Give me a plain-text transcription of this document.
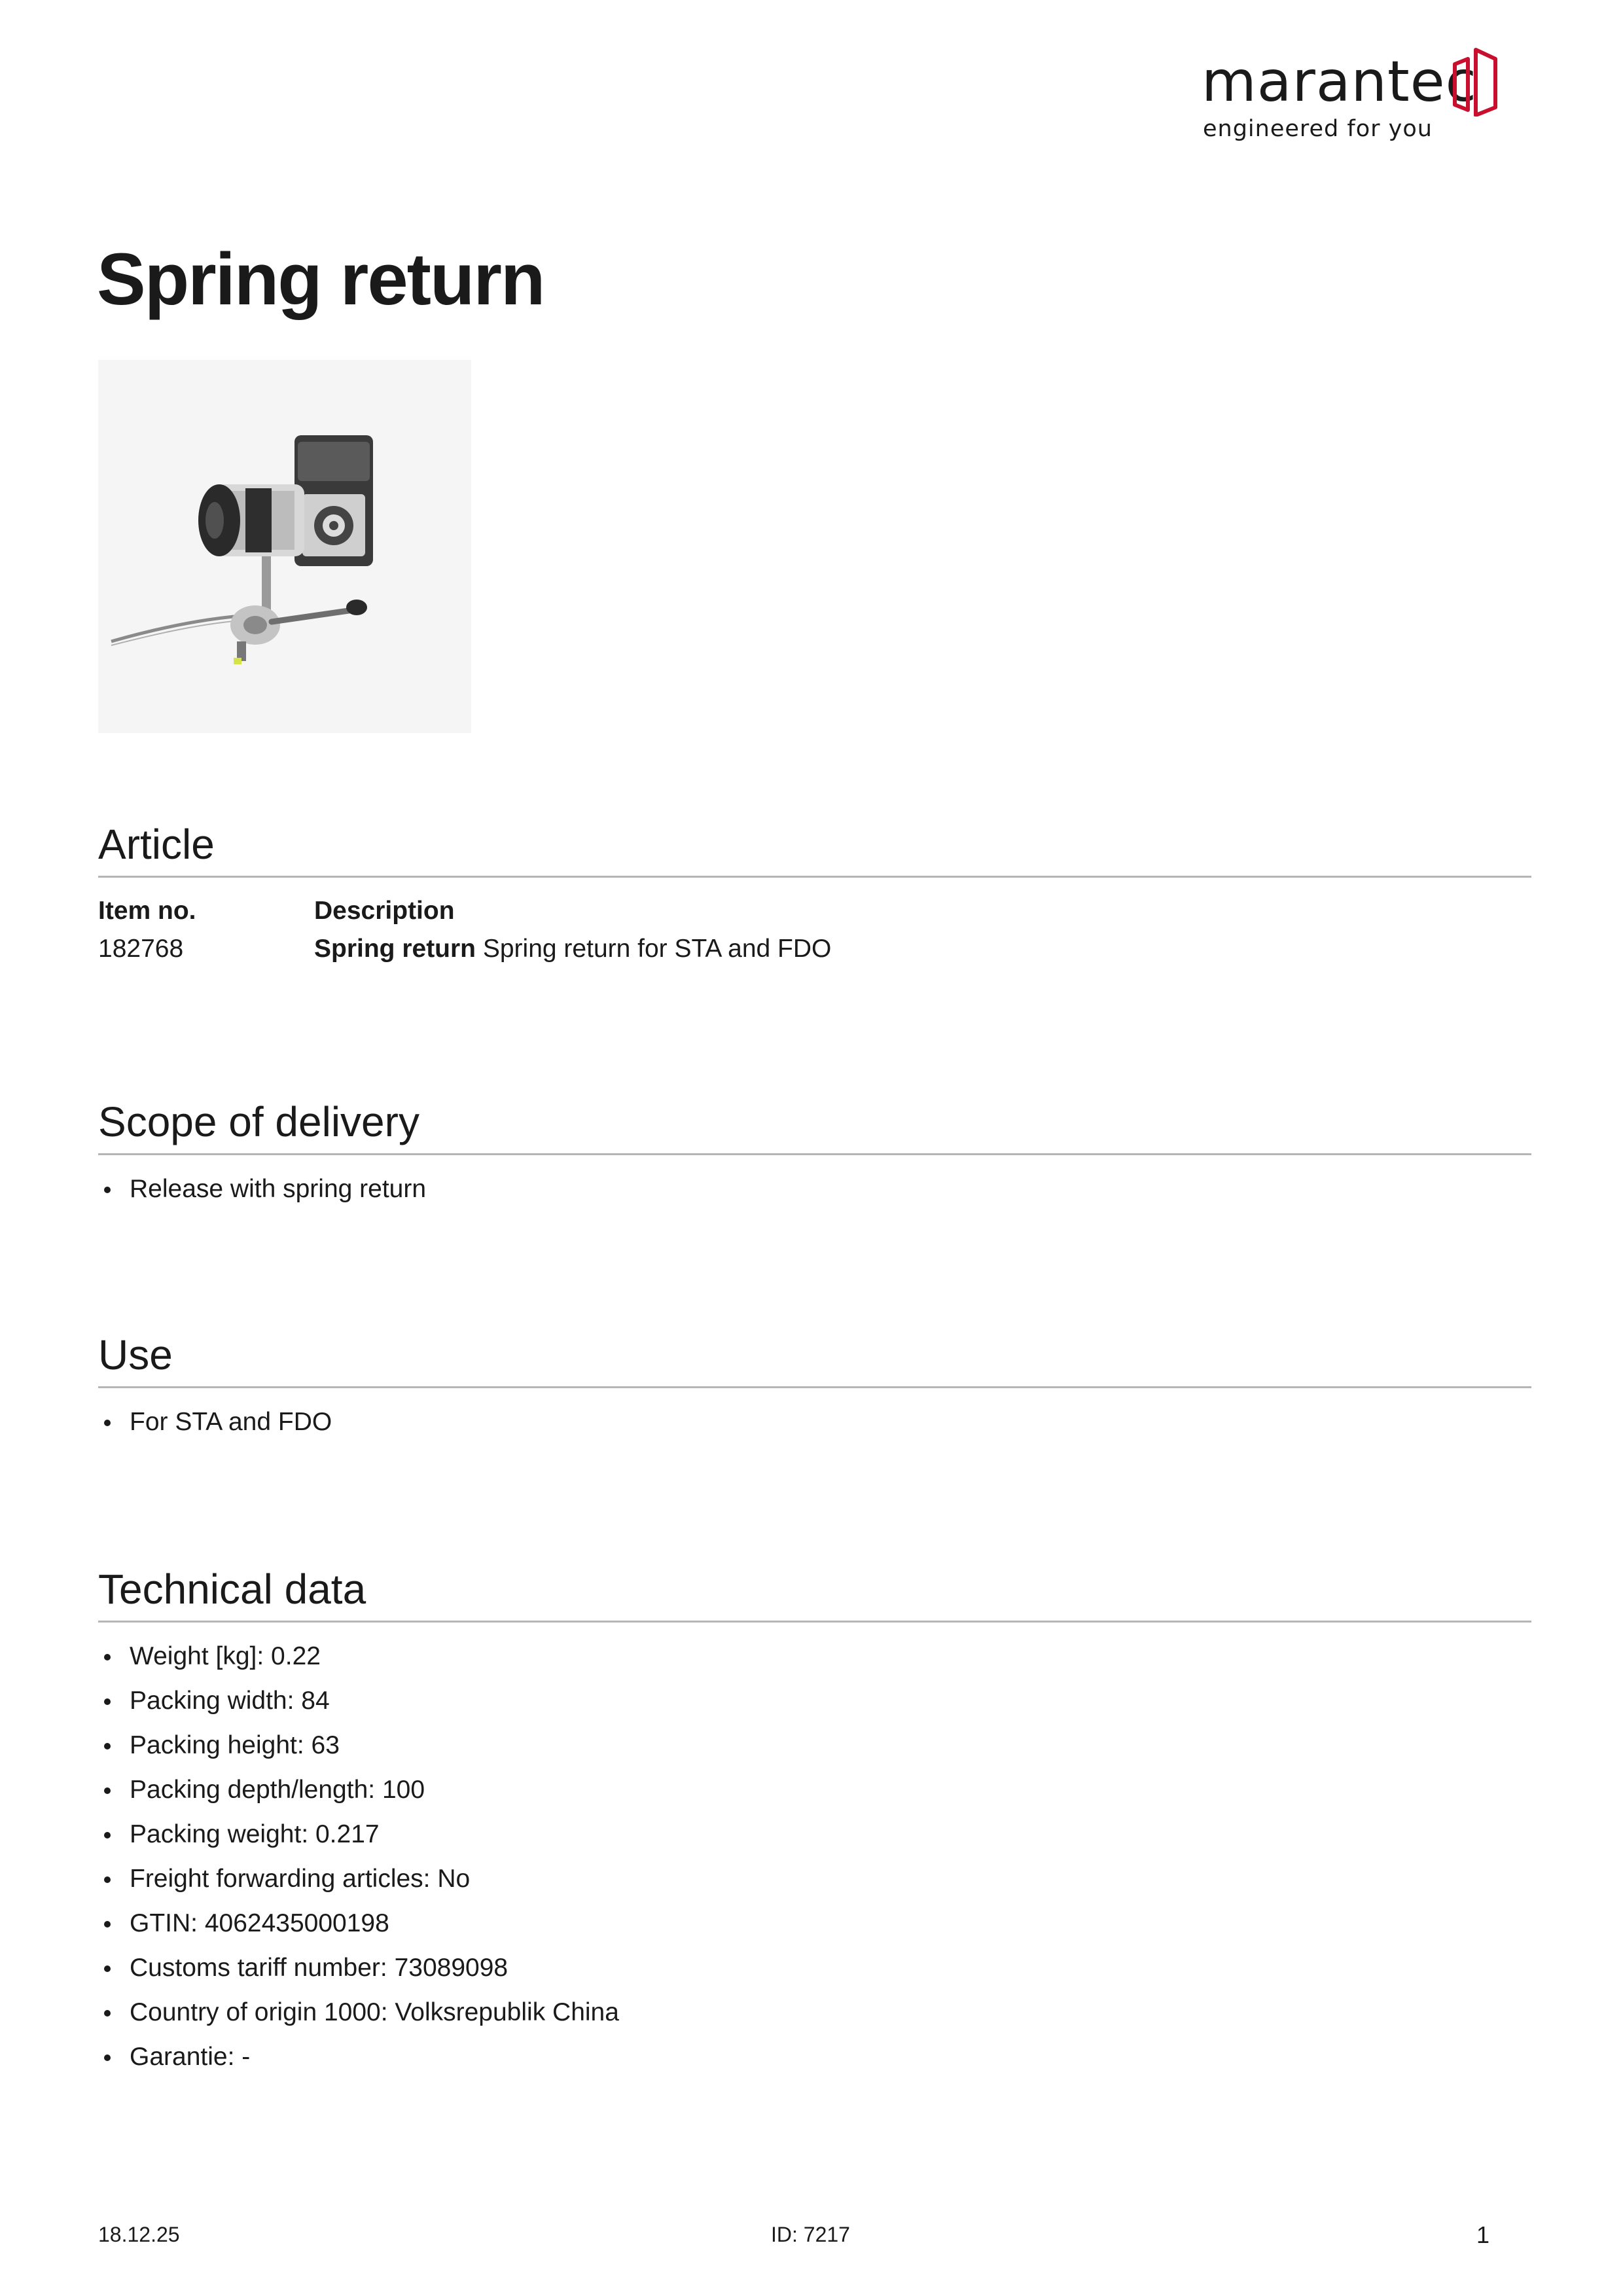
marantec
engineered for you
Spring return
Article
Item no.	Description
182768	Spring return Spring return for STA and FDO
Scope of delivery
Release with spring return
Use
For STA and FDO
Technical data
Weight [kg]: 0.22
Packing width: 84
Packing height: 63
Packing depth/length: 100
Packing weight: 0.217
Freight forwarding articles: No
GTIN: 4062435000198
Customs tariff number: 73089098
Country of origin 1000: Volksrepublik China
Garantie: -
18.12.25	ID: 7217	1
